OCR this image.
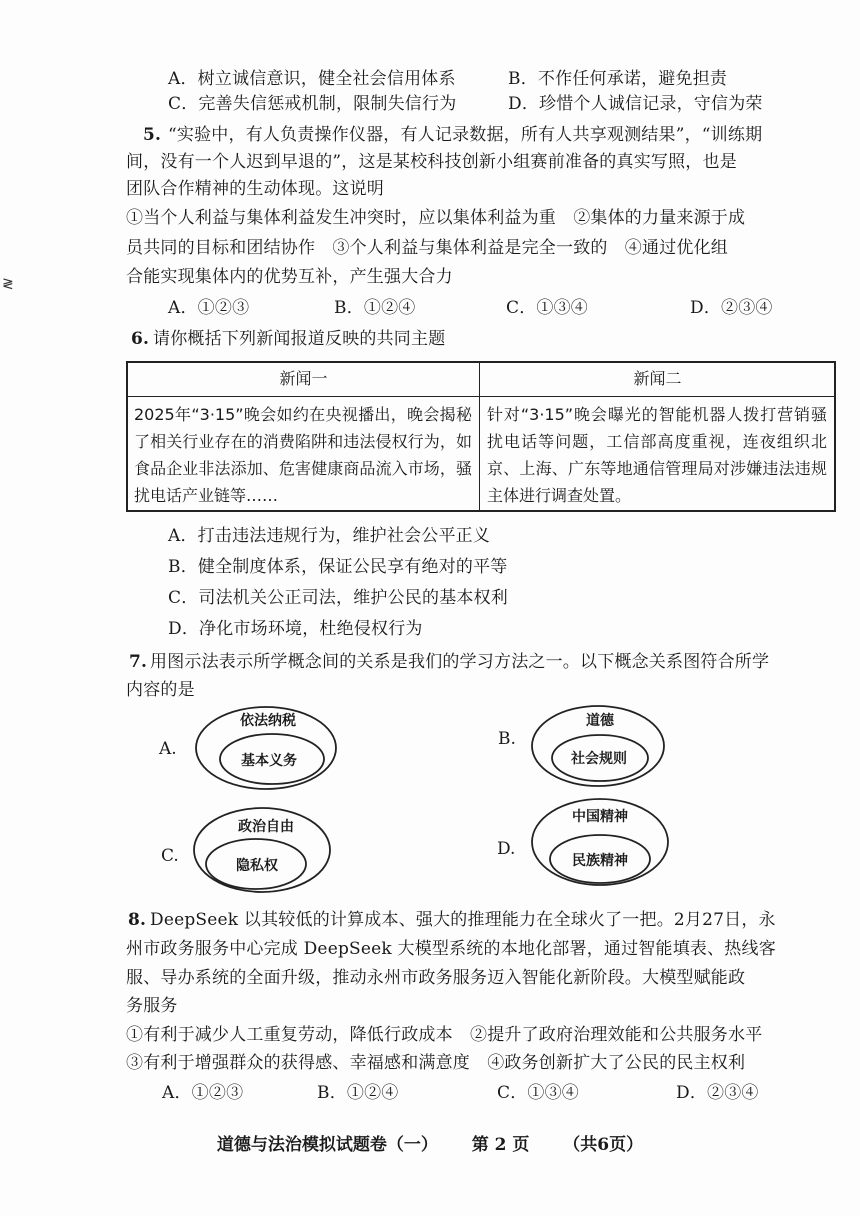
≷
A．树立诚信意识，健全社会信用体系	B．不作任何承诺，避免担责
C．完善失信惩戒机制，限制失信行为	D．珍惜个人诚信记录，守信为荣
5. “实验中，有人负责操作仪器，有人记录数据，所有人共享观测结果”，“训练期
间，没有一个人迟到早退的”，这是某校科技创新小组赛前准备的真实写照，也是
团队合作精神的生动体现。这说明
①当个人利益与集体利益发生冲突时，应以集体利益为重　②集体的力量来源于成
员共同的目标和团结协作　③个人利益与集体利益是完全一致的　④通过优化组
合能实现集体内的优势互补，产生强大合力
A．①②③	B．①②④	C．①③④	D．②③④
6. 请你概括下列新闻报道反映的共同主题
新闻一	新闻二
2025年“3·15”晚会如约在央视播出，晚会揭秘了相关行业存在的消费陷阱和违法侵权行为，如食品企业非法添加、危害健康商品流入市场，骚扰电话产业链等……
针对“3·15”晚会曝光的智能机器人拨打营销骚扰电话等问题，工信部高度重视，连夜组织北京、上海、广东等地通信管理局对涉嫌违法违规主体进行调查处置。
A．打击违法违规行为，维护社会公平正义
B．健全制度体系，保证公民享有绝对的平等
C．司法机关公正司法，维护公民的基本权利
D．净化市场环境，杜绝侵权行为
7. 用图示法表示所学概念间的关系是我们的学习方法之一。以下概念关系图符合所学
内容的是
A.
依法纳税
基本义务
B.
道德
社会规则
C.
政治自由
隐私权
D.
中国精神
民族精神
8. DeepSeek 以其较低的计算成本、强大的推理能力在全球火了一把。2月27日，永
州市政务服务中心完成 DeepSeek 大模型系统的本地化部署，通过智能填表、热线客
服、导办系统的全面升级，推动永州市政务服务迈入智能化新阶段。大模型赋能政
务服务
①有利于减少人工重复劳动，降低行政成本　②提升了政府治理效能和公共服务水平
③有利于增强群众的获得感、幸福感和满意度　④政务创新扩大了公民的民主权利
A．①②③	B．①②④	C．①③④	D．②③④
道德与法治模拟试题卷（一） 第 2 页 （共6页）
